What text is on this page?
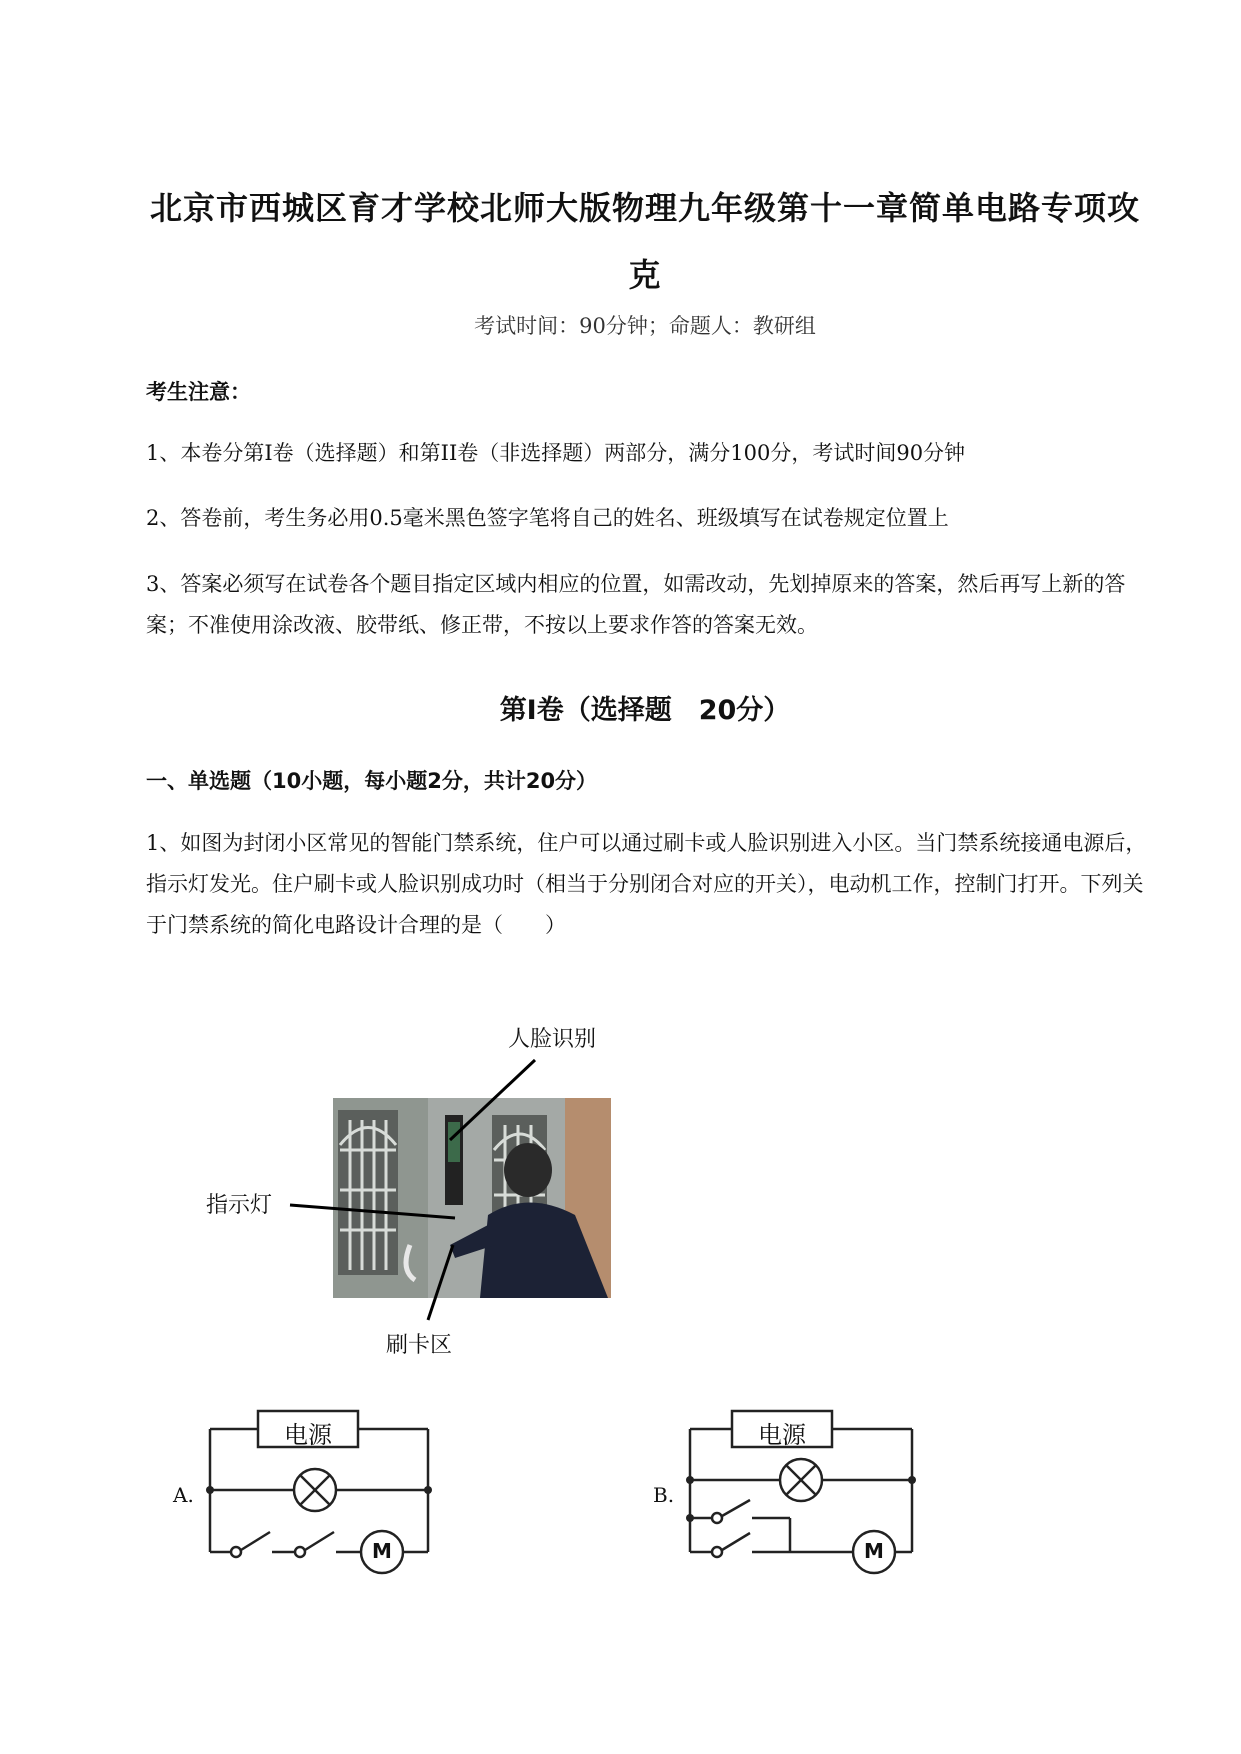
北京市西城区育才学校北师大版物理九年级第十一章简单电路专项攻
克
考试时间：90分钟；命题人：教研组
考生注意：
1、本卷分第I卷（选择题）和第II卷（非选择题）两部分，满分100分，考试时间90分钟
2、答卷前，考生务必用0.5毫米黑色签字笔将自己的姓名、班级填写在试卷规定位置上
3、答案必须写在试卷各个题目指定区域内相应的位置，如需改动，先划掉原来的答案，然后再写上新的答案；不准使用涂改液、胶带纸、修正带，不按以上要求作答的答案无效。
第I卷（选择题　20分）
一、单选题（10小题，每小题2分，共计20分）
1、如图为封闭小区常见的智能门禁系统，住户可以通过刷卡或人脸识别进入小区。当门禁系统接通电源后，指示灯发光。住户刷卡或人脸识别成功时（相当于分别闭合对应的开关），电动机工作，控制门打开。下列关于门禁系统的简化电路设计合理的是（　　）
人脸识别
指示灯
刷卡区
A.
电源
M
B.
电源
M
